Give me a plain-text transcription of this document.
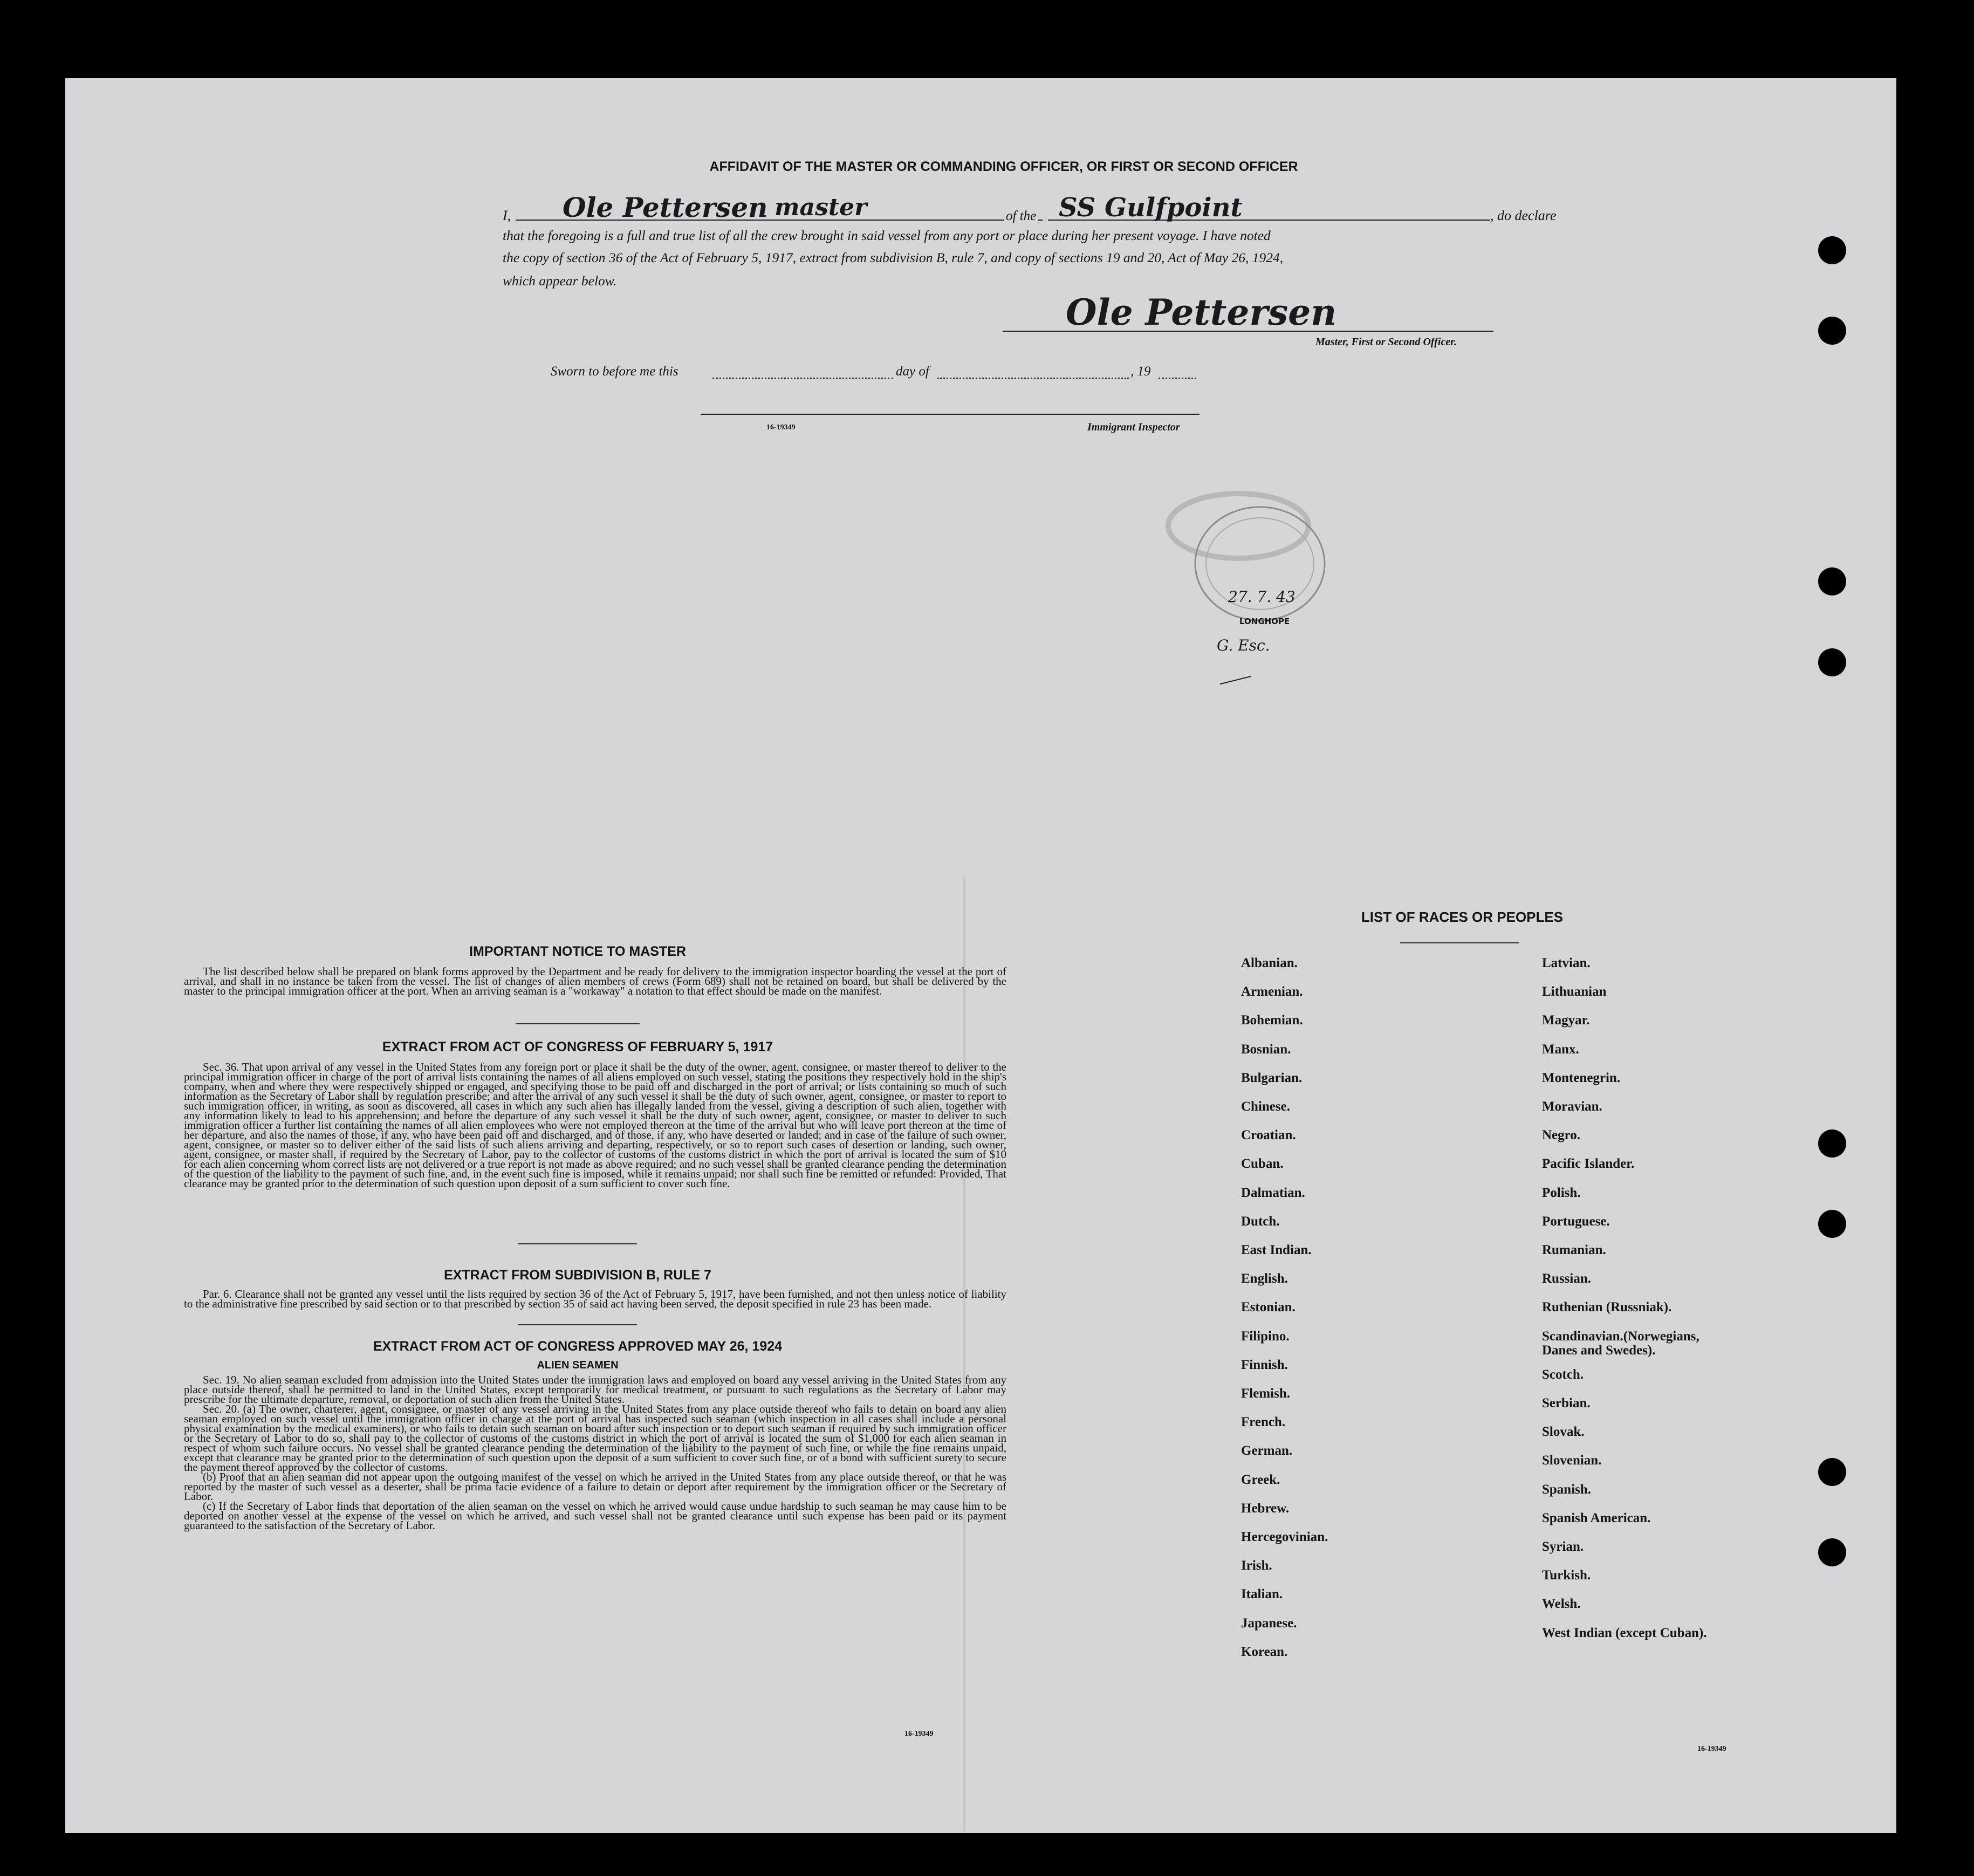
AFFIDAVIT OF THE MASTER OR COMMANDING OFFICER, OR FIRST OR SECOND OFFICER
I, Ole Pettersen master	of the SS Gulfpoint	, do declare
that the foregoing is a full and true list of all the crew brought in said vessel from any port or place during her present voyage. I have noted
the copy of section 36 of the Act of February 5, 1917, extract from subdivision B, rule 7, and copy of sections 19 and 20, Act of May 26, 1924,
which appear below.
Ole Pettersen
Master, First or Second Officer.
Sworn to before me this	day of	, 19
16-19349	Immigrant Inspector
27. 7. 43
LONGHOPE
G. Esc.
IMPORTANT NOTICE TO MASTER
The list described below shall be prepared on blank forms approved by the Department and be ready for delivery to the immigration inspector boarding the vessel at the port of arrival, and shall in no instance be taken from the vessel. The list of changes of alien members of crews (Form 689) shall not be retained on board, but shall be delivered by the master to the principal immigration officer at the port. When an arriving seaman is a "workaway" a notation to that effect should be made on the manifest.
EXTRACT FROM ACT OF CONGRESS OF FEBRUARY 5, 1917
Sec. 36. That upon arrival of any vessel in the United States from any foreign port or place it shall be the duty of the owner, agent, consignee, or master thereof to deliver to the principal immigration officer in charge of the port of arrival lists containing the names of all aliens employed on such vessel, stating the positions they respectively hold in the ship's company, when and where they were respectively shipped or engaged, and specifying those to be paid off and discharged in the port of arrival; or lists containing so much of such information as the Secretary of Labor shall by regulation prescribe; and after the arrival of any such vessel it shall be the duty of such owner, agent, consignee, or master to report to such immigration officer, in writing, as soon as discovered, all cases in which any such alien has illegally landed from the vessel, giving a description of such alien, together with any information likely to lead to his apprehension; and before the departure of any such vessel it shall be the duty of such owner, agent, consignee, or master to deliver to such immigration officer a further list containing the names of all alien employees who were not employed thereon at the time of the arrival but who will leave port thereon at the time of her departure, and also the names of those, if any, who have been paid off and discharged, and of those, if any, who have deserted or landed; and in case of the failure of such owner, agent, consignee, or master so to deliver either of the said lists of such aliens arriving and departing, respectively, or so to report such cases of desertion or landing, such owner, agent, consignee, or master shall, if required by the Secretary of Labor, pay to the collector of customs of the customs district in which the port of arrival is located the sum of $10 for each alien concerning whom correct lists are not delivered or a true report is not made as above required; and no such vessel shall be granted clearance pending the determination of the question of the liability to the payment of such fine, and, in the event such fine is imposed, while it remains unpaid; nor shall such fine be remitted or refunded: Provided, That clearance may be granted prior to the determination of such question upon deposit of a sum sufficient to cover such fine.
EXTRACT FROM SUBDIVISION B, RULE 7
Par. 6. Clearance shall not be granted any vessel until the lists required by section 36 of the Act of February 5, 1917, have been furnished, and not then unless notice of liability to the administrative fine prescribed by said section or to that prescribed by section 35 of said act having been served, the deposit specified in rule 23 has been made.
EXTRACT FROM ACT OF CONGRESS APPROVED MAY 26, 1924
ALIEN SEAMEN

Sec. 19. No alien seaman excluded from admission into the United States under the immigration laws and employed on board any vessel arriving in the United States from any place outside thereof, shall be permitted to land in the United States, except temporarily for medical treatment, or pursuant to such regulations as the Secretary of Labor may prescribe for the ultimate departure, removal, or deportation of such alien from the United States.

Sec. 20. (a) The owner, charterer, agent, consignee, or master of any vessel arriving in the United States from any place outside thereof who fails to detain on board any alien seaman employed on such vessel until the immigration officer in charge at the port of arrival has inspected such seaman (which inspection in all cases shall include a personal physical examination by the medical examiners), or who fails to detain such seaman on board after such inspection or to deport such seaman if required by such immigration officer or the Secretary of Labor to do so, shall pay to the collector of customs of the customs district in which the port of arrival is located the sum of $1,000 for each alien seaman in respect of whom such failure occurs. No vessel shall be granted clearance pending the determination of the liability to the payment of such fine, or while the fine remains unpaid, except that clearance may be granted prior to the determination of such question upon the deposit of a sum sufficient to cover such fine, or of a bond with sufficient surety to secure the payment thereof approved by the collector of customs.

(b) Proof that an alien seaman did not appear upon the outgoing manifest of the vessel on which he arrived in the United States from any place outside thereof, or that he was reported by the master of such vessel as a deserter, shall be prima facie evidence of a failure to detain or deport after requirement by the immigration officer or the Secretary of Labor.

(c) If the Secretary of Labor finds that deportation of the alien seaman on the vessel on which he arrived would cause undue hardship to such seaman he may cause him to be deported on another vessel at the expense of the vessel on which he arrived, and such vessel shall not be granted clearance until such expense has been paid or its payment guaranteed to the satisfaction of the Secretary of Labor.

16-19349
LIST OF RACES OR PEOPLES
Albanian.
Armenian.
Bohemian.
Bosnian.
Bulgarian.
Chinese.
Croatian.
Cuban.
Dalmatian.
Dutch.
East Indian.
English.
Estonian.
Filipino.
Finnish.
Flemish.
French.
German.
Greek.
Hebrew.
Hercegovinian.
Irish.
Italian.
Japanese.
Korean.
Latvian.
Lithuanian
Magyar.
Manx.
Montenegrin.
Moravian.
Negro.
Pacific Islander.
Polish.
Portuguese.
Rumanian.
Russian.
Ruthenian (Russniak).
Scandinavian.(Norwegians,
Danes and Swedes).
Scotch.
Serbian.
Slovak.
Slovenian.
Spanish.
Spanish American.
Syrian.
Turkish.
Welsh.
West Indian (except Cuban).
16-19349
